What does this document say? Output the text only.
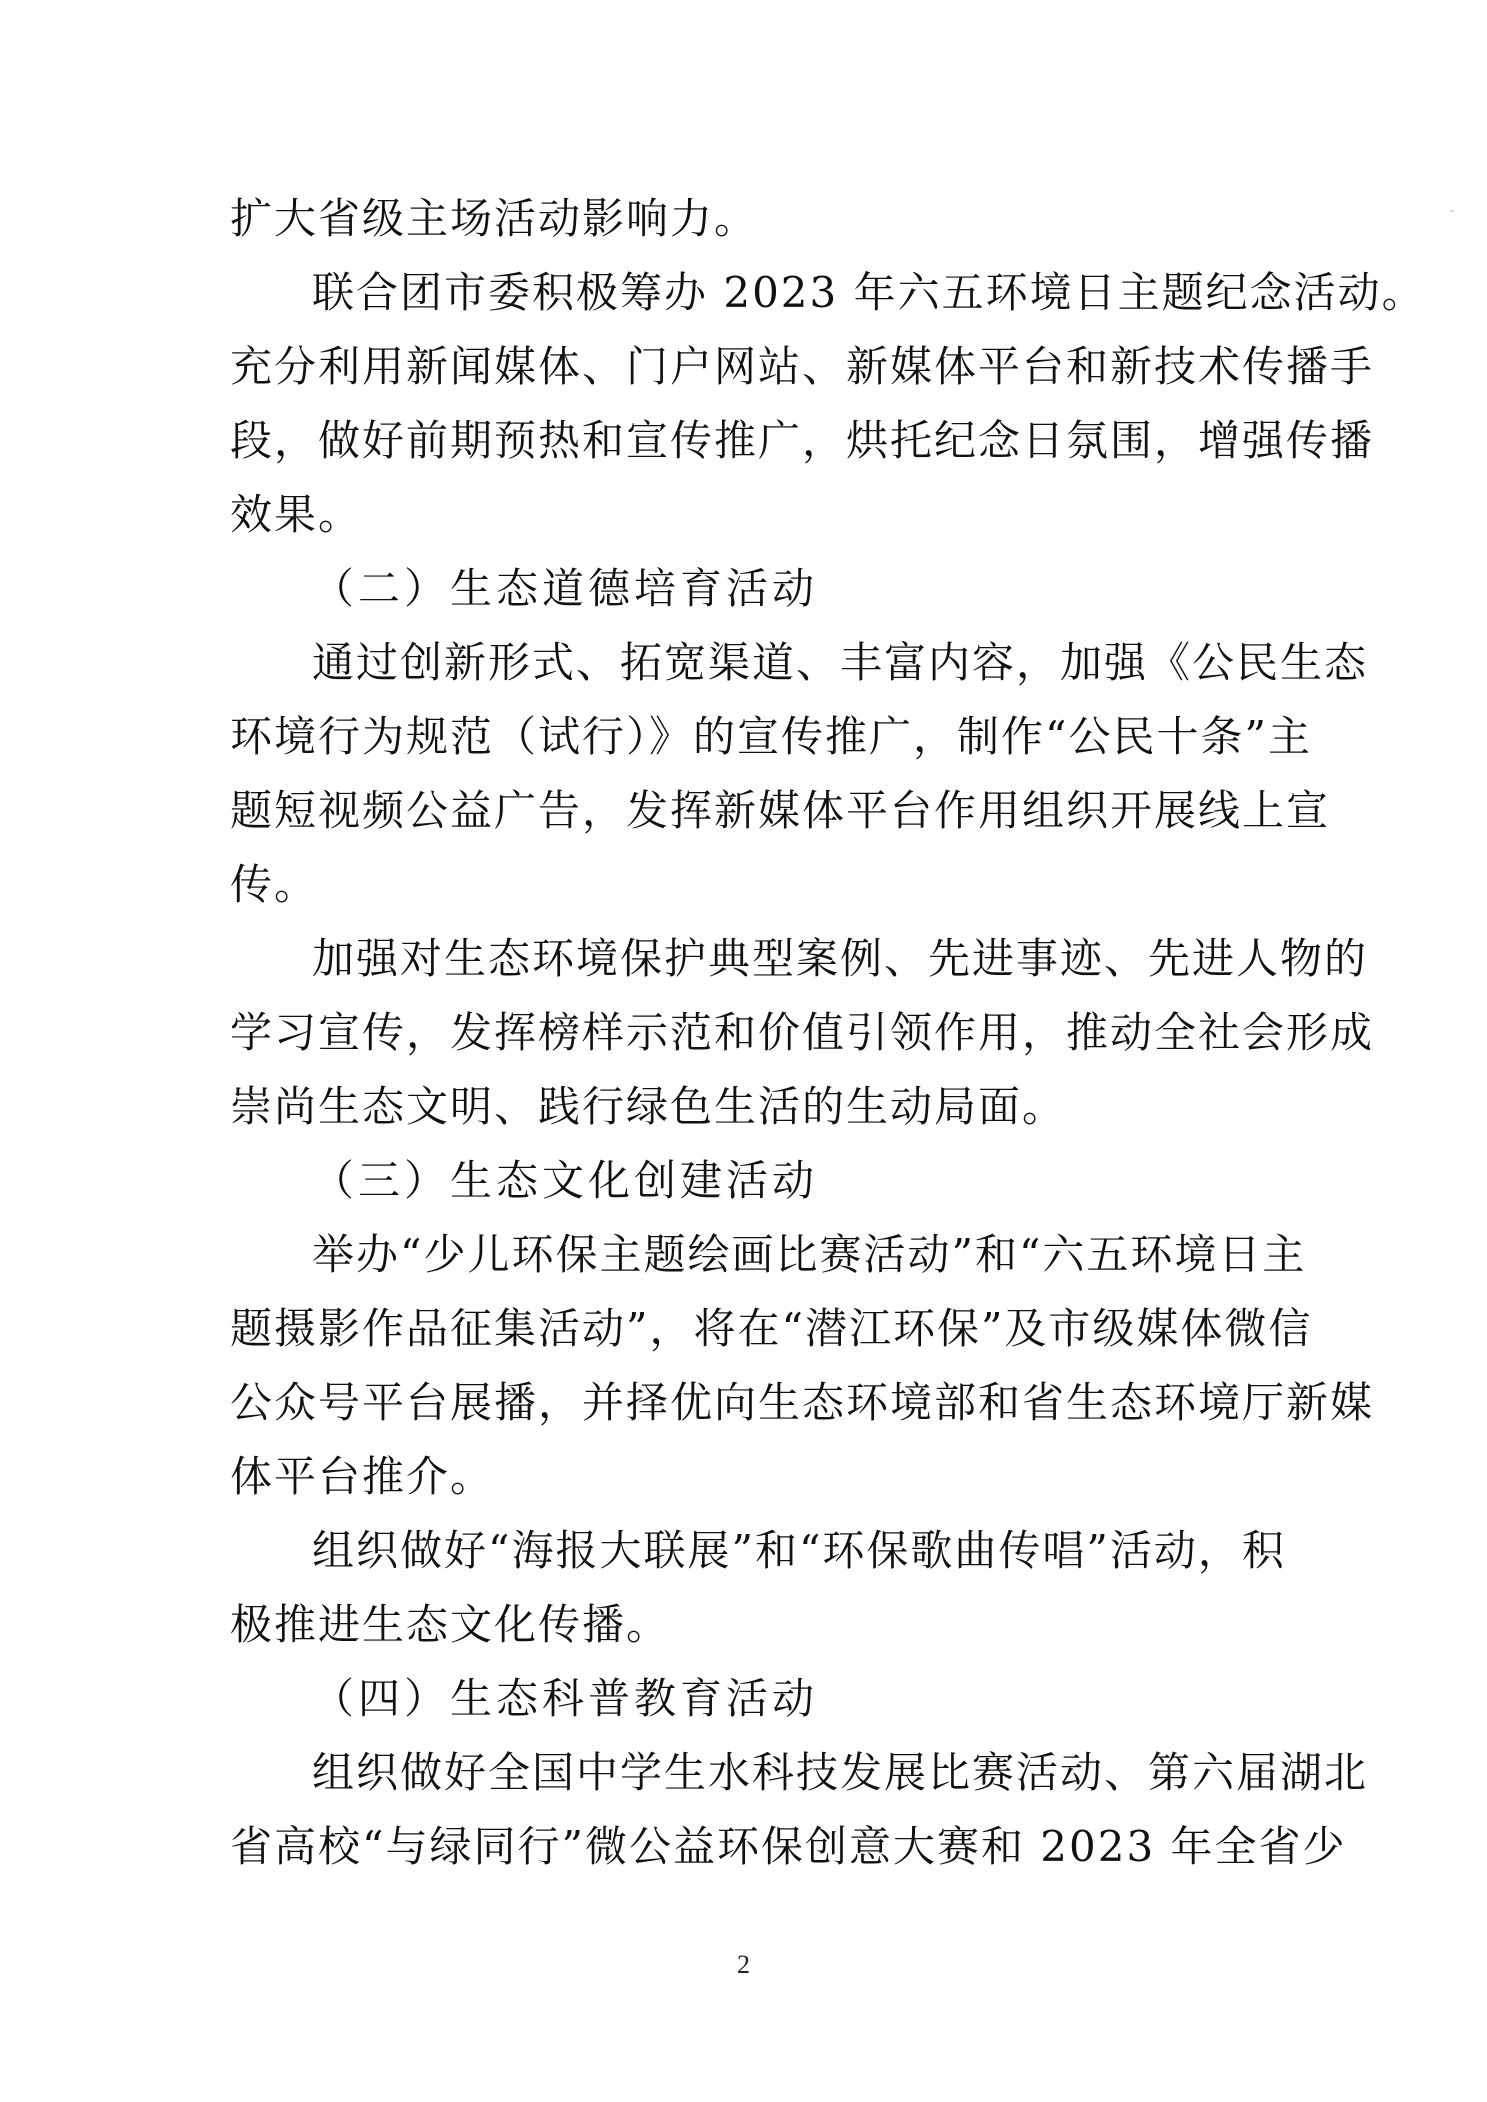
扩大省级主场活动影响力。
联合团市委积极筹办 2023 年六五环境日主题纪念活动。
充分利用新闻媒体、门户网站、新媒体平台和新技术传播手
段，做好前期预热和宣传推广，烘托纪念日氛围，增强传播
效果。
（二）生态道德培育活动
通过创新形式、拓宽渠道、丰富内容，加强《公民生态
环境行为规范（试行）》的宣传推广，制作“公民十条”主
题短视频公益广告，发挥新媒体平台作用组织开展线上宣
传。
加强对生态环境保护典型案例、先进事迹、先进人物的
学习宣传，发挥榜样示范和价值引领作用，推动全社会形成
崇尚生态文明、践行绿色生活的生动局面。
（三）生态文化创建活动
举办“少儿环保主题绘画比赛活动”和“六五环境日主
题摄影作品征集活动”，将在“潜江环保”及市级媒体微信
公众号平台展播，并择优向生态环境部和省生态环境厅新媒
体平台推介。
组织做好“海报大联展”和“环保歌曲传唱”活动，积
极推进生态文化传播。
（四）生态科普教育活动
组织做好全国中学生水科技发展比赛活动、第六届湖北
省高校“与绿同行”微公益环保创意大赛和 2023 年全省少
2
